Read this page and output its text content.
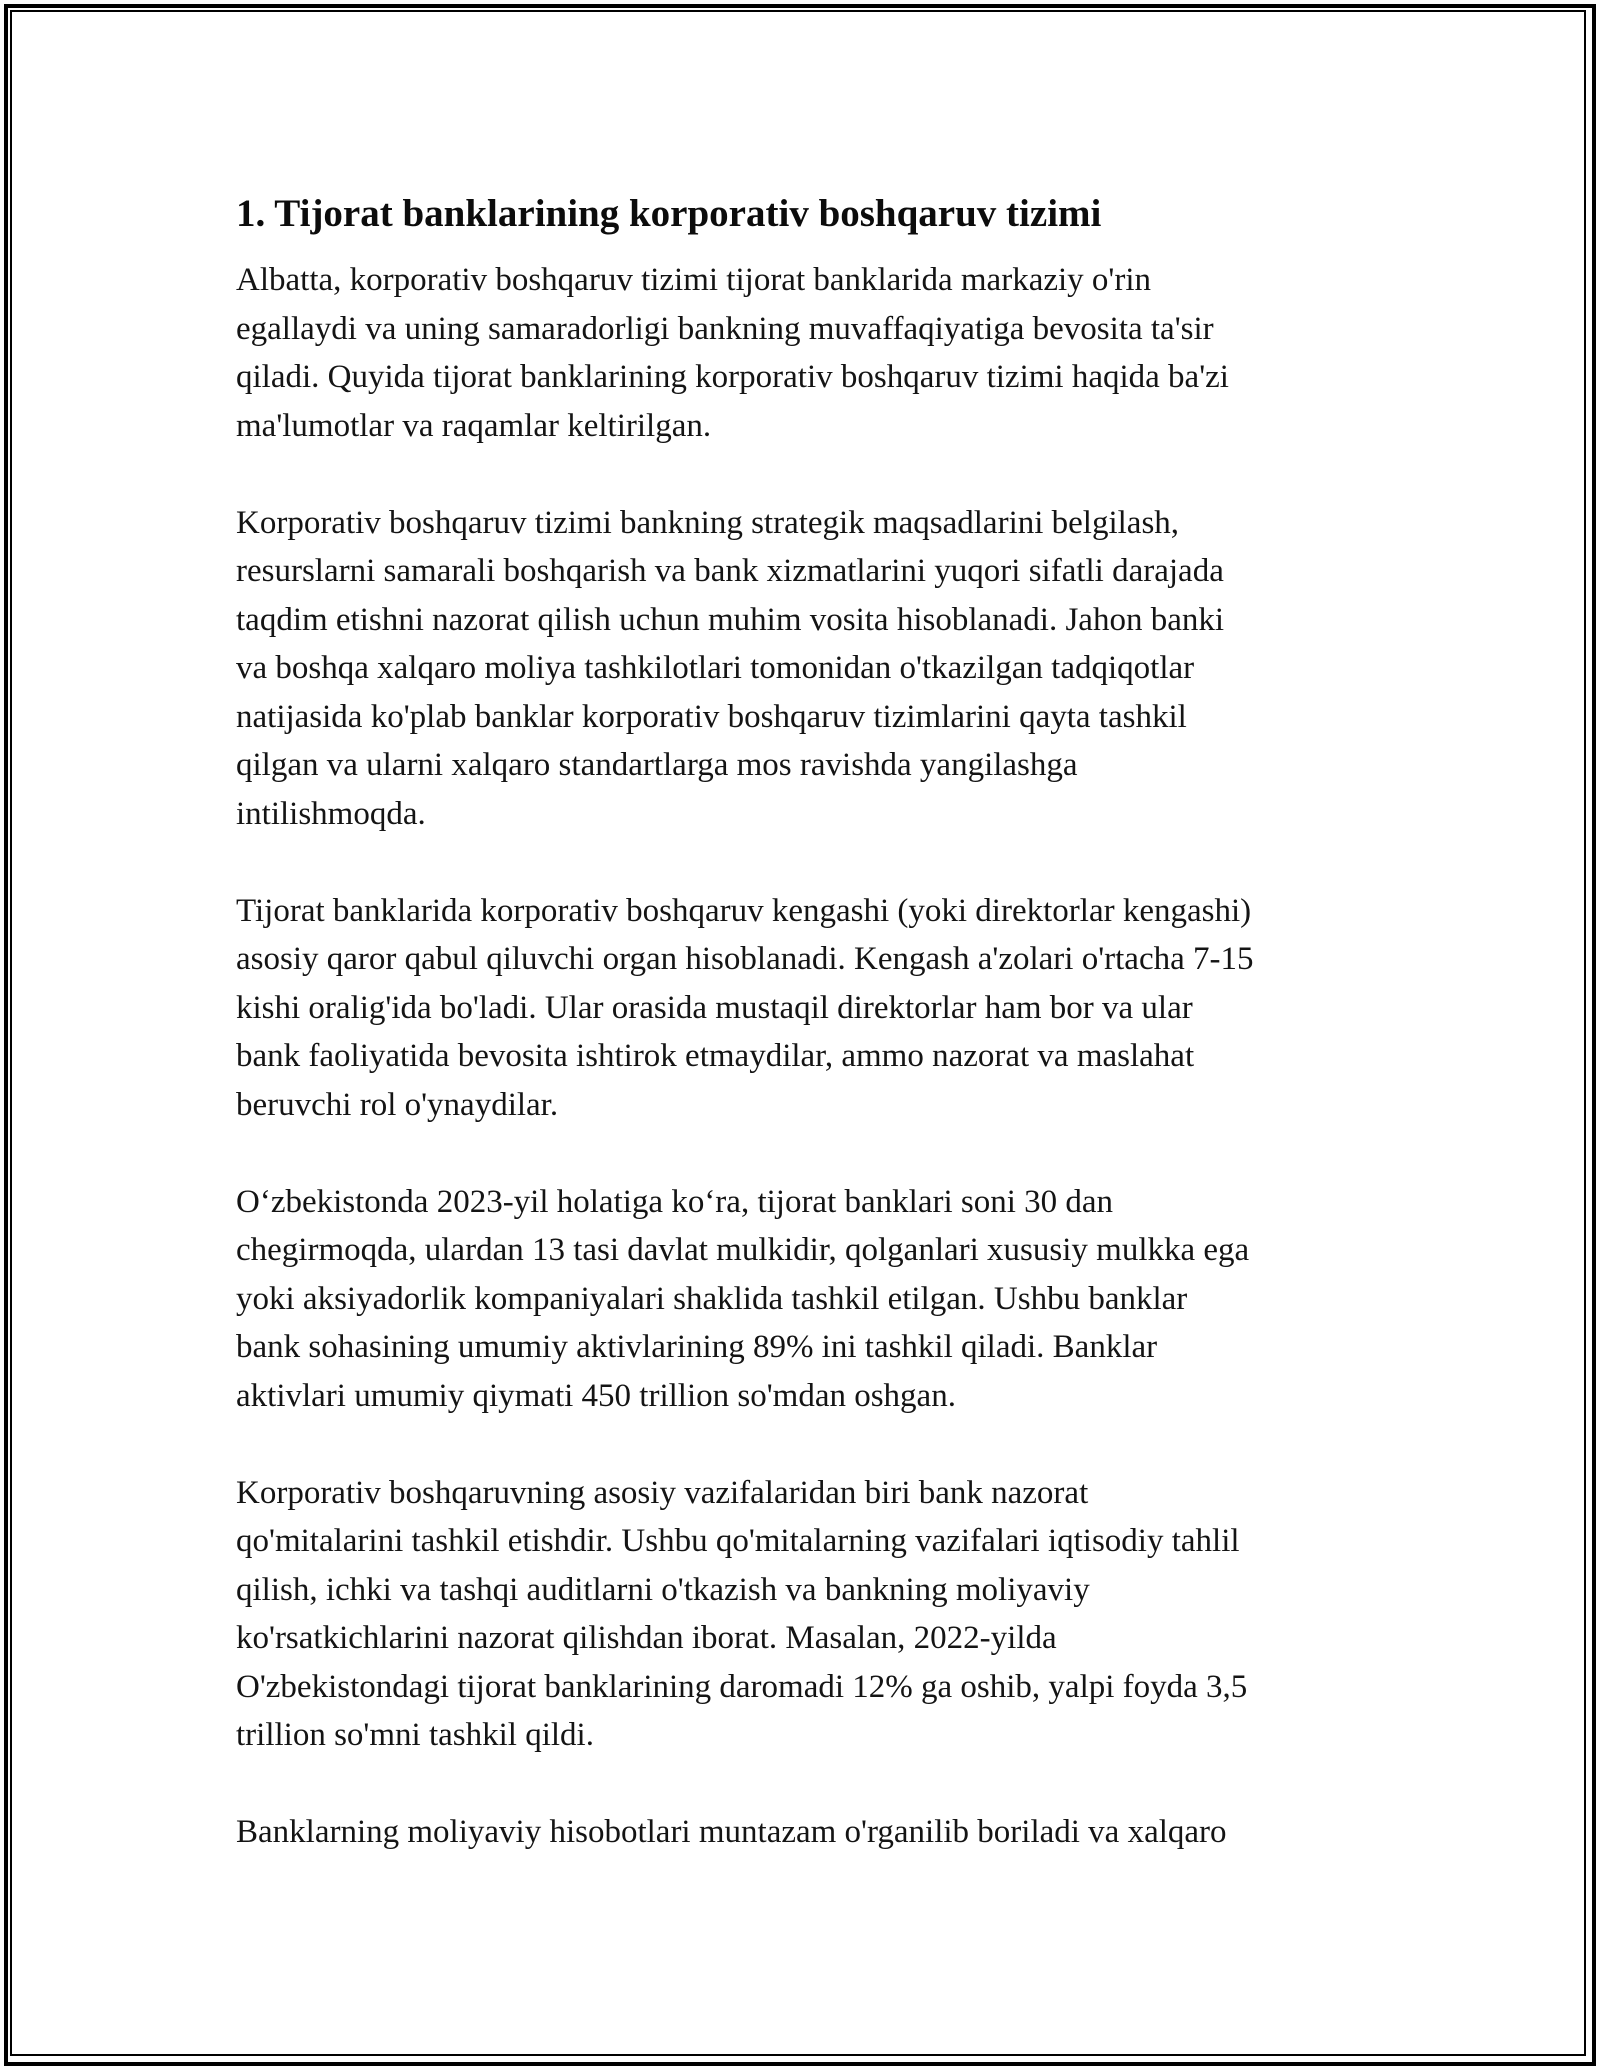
1. Tijorat banklarining korporativ boshqaruv tizimi

Albatta, korporativ boshqaruv tizimi tijorat banklarida markaziy o'rin
egallaydi va uning samaradorligi bankning muvaffaqiyatiga bevosita ta'sir
qiladi. Quyida tijorat banklarining korporativ boshqaruv tizimi haqida ba'zi
ma'lumotlar va raqamlar keltirilgan.

Korporativ boshqaruv tizimi bankning strategik maqsadlarini belgilash,
resurslarni samarali boshqarish va bank xizmatlarini yuqori sifatli darajada
taqdim etishni nazorat qilish uchun muhim vosita hisoblanadi. Jahon banki
va boshqa xalqaro moliya tashkilotlari tomonidan o'tkazilgan tadqiqotlar
natijasida ko'plab banklar korporativ boshqaruv tizimlarini qayta tashkil
qilgan va ularni xalqaro standartlarga mos ravishda yangilashga
intilishmoqda.

Tijorat banklarida korporativ boshqaruv kengashi (yoki direktorlar kengashi)
asosiy qaror qabul qiluvchi organ hisoblanadi. Kengash a'zolari o'rtacha 7-15
kishi oralig'ida bo'ladi. Ular orasida mustaqil direktorlar ham bor va ular
bank faoliyatida bevosita ishtirok etmaydilar, ammo nazorat va maslahat
beruvchi rol o'ynaydilar.

O‘zbekistonda 2023-yil holatiga ko‘ra, tijorat banklari soni 30 dan
chegirmoqda, ulardan 13 tasi davlat mulkidir, qolganlari xususiy mulkka ega
yoki aksiyadorlik kompaniyalari shaklida tashkil etilgan. Ushbu banklar
bank sohasining umumiy aktivlarining 89% ini tashkil qiladi. Banklar
aktivlari umumiy qiymati 450 trillion so'mdan oshgan.

Korporativ boshqaruvning asosiy vazifalaridan biri bank nazorat
qo'mitalarini tashkil etishdir. Ushbu qo'mitalarning vazifalari iqtisodiy tahlil
qilish, ichki va tashqi auditlarni o'tkazish va bankning moliyaviy
ko'rsatkichlarini nazorat qilishdan iborat. Masalan, 2022-yilda
O'zbekistondagi tijorat banklarining daromadi 12% ga oshib, yalpi foyda 3,5
trillion so'mni tashkil qildi.

Banklarning moliyaviy hisobotlari muntazam o'rganilib boriladi va xalqaro
